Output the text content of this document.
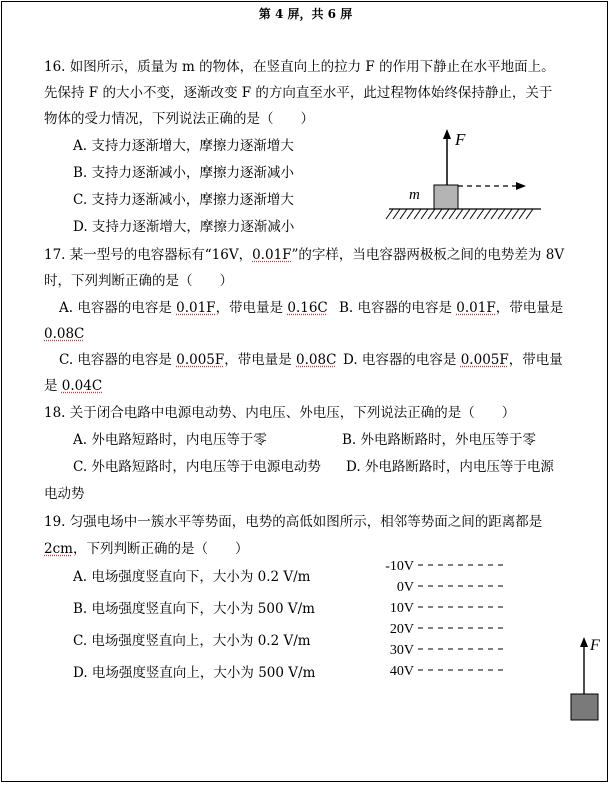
第 4 屏，共 6 屏
16. 如图所示，质量为 m 的物体，在竖直向上的拉力 F 的作用下静止在水平地面上。
先保持 F 的大小不变，逐渐改变 F 的方向直至水平，此过程物体始终保持静止，关于
物体的受力情况，下列说法正确的是（　　）
A. 支持力逐渐增大，摩擦力逐渐增大
B. 支持力逐渐减小，摩擦力逐渐减小
C. 支持力逐渐减小，摩擦力逐渐增大
D. 支持力逐渐增大，摩擦力逐渐减小
F
m
17. 某一型号的电容器标有“16V，0.01F”的字样，当电容器两极板之间的电势差为 8V
时，下列判断正确的是（　　）
A. 电容器的电容是 0.01F，带电量是 0.16C B. 电容器的电容是 0.01F，带电量是
0.08C
C. 电容器的电容是 0.005F，带电量是 0.08C D. 电容器的电容是 0.005F，带电量
是 0.04C
18. 关于闭合电路中电源电动势、内电压、外电压，下列说法正确的是（　　）
A. 外电路短路时，内电压等于零	B. 外电路断路时，外电压等于零
C. 外电路短路时，内电压等于电源电动势 D. 外电路断路时，内电压等于电源
电动势
19. 匀强电场中一簇水平等势面，电势的高低如图所示，相邻等势面之间的距离都是
2cm，下列判断正确的是（　　）
A. 电场强度竖直向下，大小为 0.2 V/m
B. 电场强度竖直向下，大小为 500 V/m
C. 电场强度竖直向上，大小为 0.2 V/m
D. 电场强度竖直向上，大小为 500 V/m
-10V
0V
10V
20V
30V
40V
F
